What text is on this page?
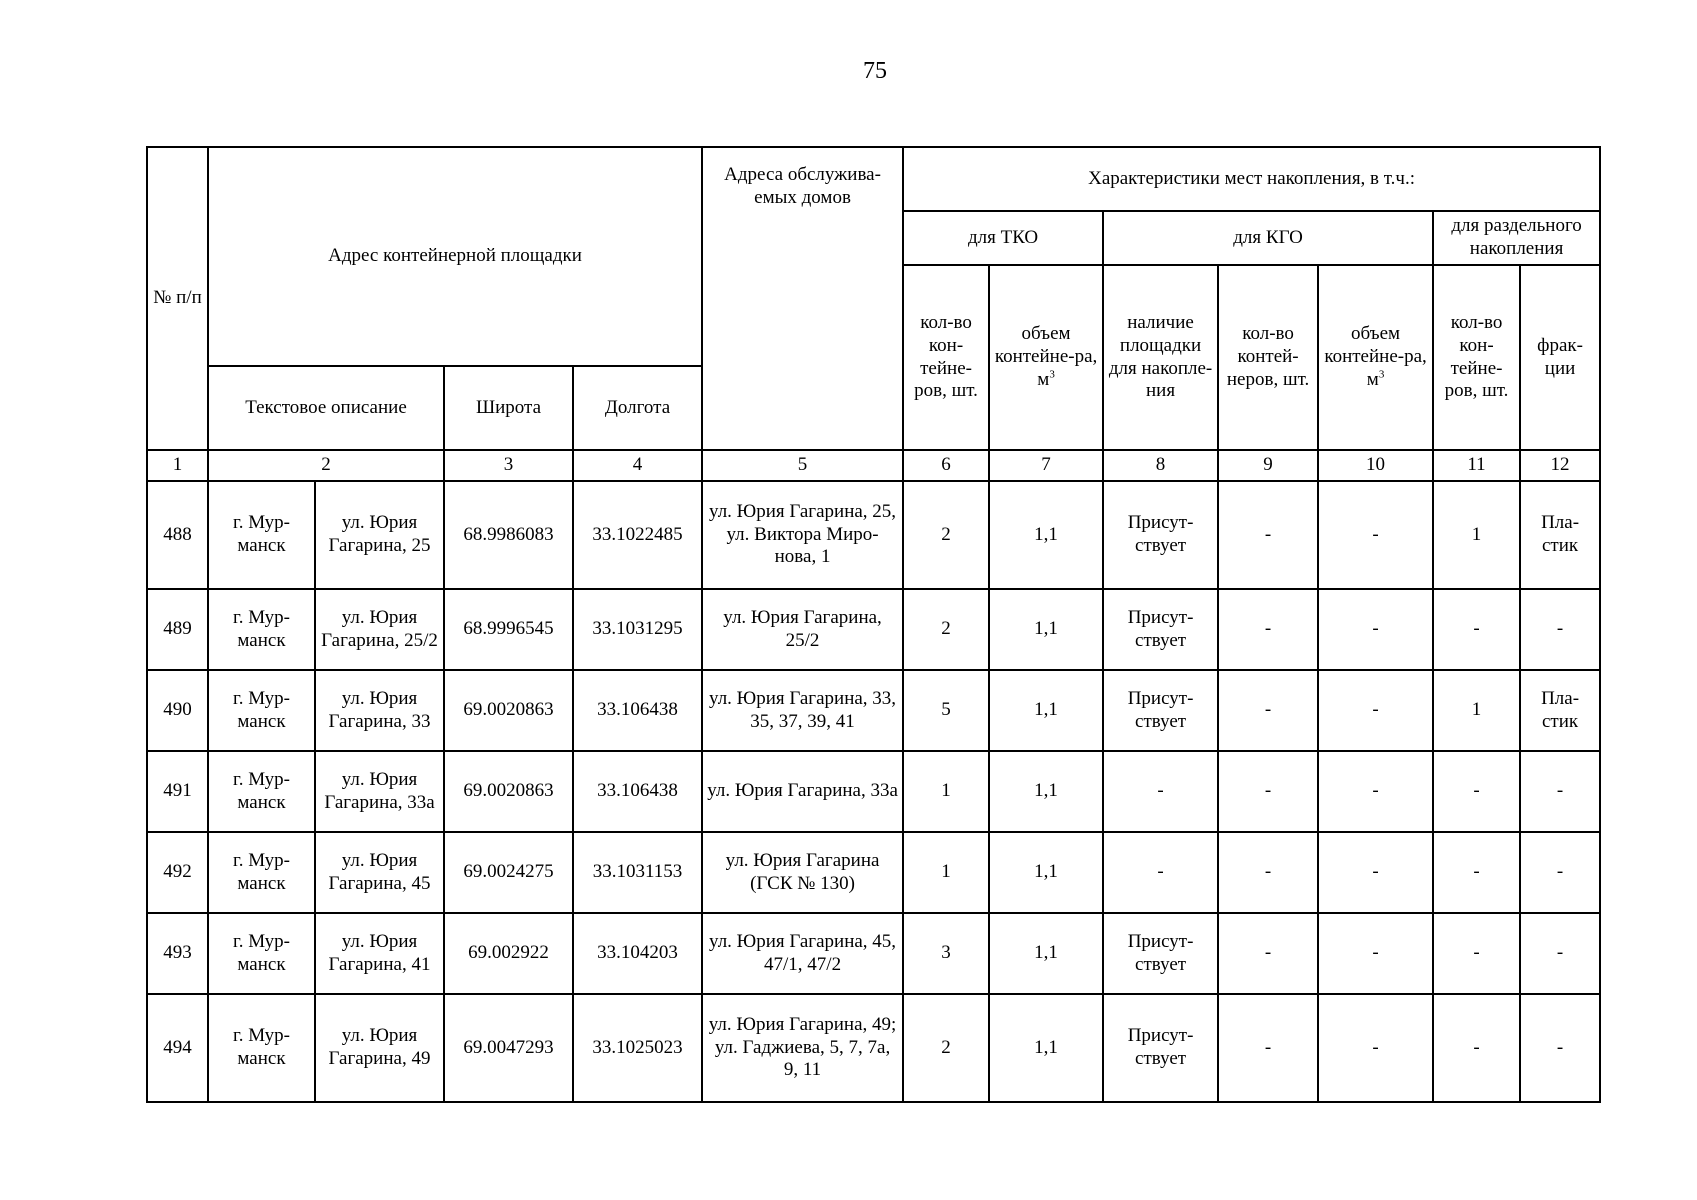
75
№ п/п	Адрес контейнерной площадки				Адреса обслужива-емых домов	Характеристики мест накопления, в т.ч.:						
						для ТКО		для КГО			для раздельного накопления	
						кол-во кон-тейне-ров, шт.	объем контейне-ра, $м^3$	наличие площадки для накопле-ния	кол-во контей-неров, шт.	объем контейне-ра, $м^3$	кол-во кон-тейне-ров, шт.	фрак-ции
	Текстовое описание		Широта	Долгота								
1	2		3	4	5	6	7	8	9	10	11	12
488	г. Мур-манск	ул. Юрия Гагарина, 25	68.9986083	33.1022485	ул. Юрия Гагарина, 25, ул. Виктора Миро-нова, 1	2	1,1	Присут-ствует	-	-	1	Пла-стик
489	г. Мур-манск	ул. Юрия Гагарина, 25/2	68.9996545	33.1031295	ул. Юрия Гагарина, 25/2	2	1,1	Присут-ствует	-	-	-	-
490	г. Мур-манск	ул. Юрия Гагарина, 33	69.0020863	33.106438	ул. Юрия Гагарина, 33, 35, 37, 39, 41	5	1,1	Присут-ствует	-	-	1	Пла-стик
491	г. Мур-манск	ул. Юрия Гагарина, 33а	69.0020863	33.106438	ул. Юрия Гагарина, 33а	1	1,1	-	-	-	-	-
492	г. Мур-манск	ул. Юрия Гагарина, 45	69.0024275	33.1031153	ул. Юрия Гагарина (ГСК № 130)	1	1,1	-	-	-	-	-
493	г. Мур-манск	ул. Юрия Гагарина, 41	69.002922	33.104203	ул. Юрия Гагарина, 45, 47/1, 47/2	3	1,1	Присут-ствует	-	-	-	-
494	г. Мур-манск	ул. Юрия Гагарина, 49	69.0047293	33.1025023	ул. Юрия Гагарина, 49; ул. Гаджиева, 5, 7, 7а, 9, 11	2	1,1	Присут-ствует	-	-	-	-
